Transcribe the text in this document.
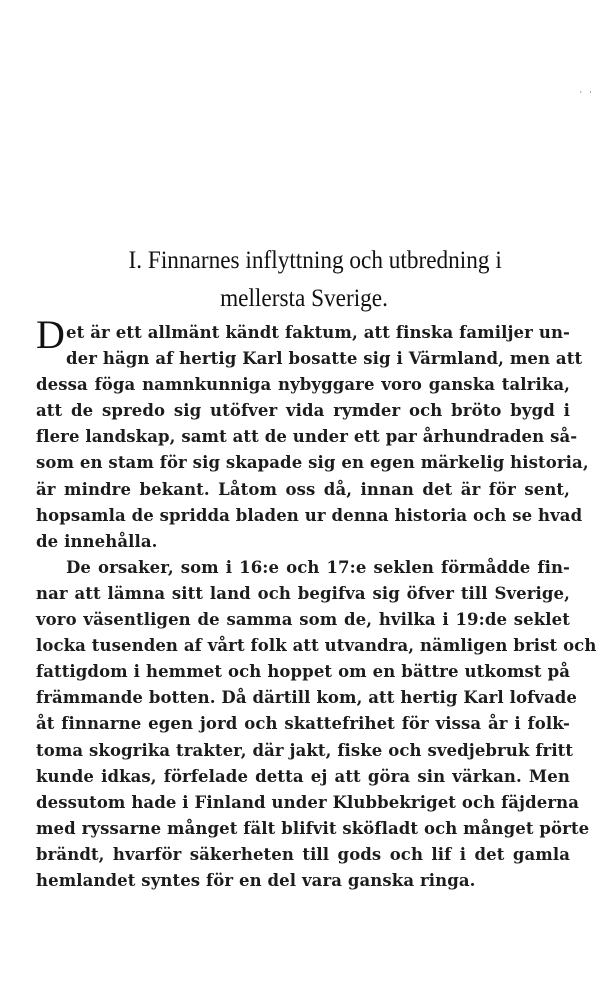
· ·
I. Finnarnes inflyttning och utbredning i
mellersta Sverige.
Det är ett allmänt kändt faktum, att finska familjer un-
der hägn af hertig Karl bosatte sig i Värmland, men att
dessa föga namnkunniga nybyggare voro ganska talrika,
att de spredo sig utöfver vida rymder och bröto bygd i
flere landskap, samt att de under ett par århundraden så-
som en stam för sig skapade sig en egen märkelig historia,
är mindre bekant. Låtom oss då, innan det är för sent,
hopsamla de spridda bladen ur denna historia och se hvad
de innehålla.
De orsaker, som i 16:e och 17:e seklen förmådde fin-
nar att lämna sitt land och begifva sig öfver till Sverige,
voro väsentligen de samma som de, hvilka i 19:de seklet
locka tusenden af vårt folk att utvandra, nämligen brist och
fattigdom i hemmet och hoppet om en bättre utkomst på
främmande botten. Då därtill kom, att hertig Karl lofvade
åt finnarne egen jord och skattefrihet för vissa år i folk-
toma skogrika trakter, där jakt, fiske och svedjebruk fritt
kunde idkas, förfelade detta ej att göra sin värkan. Men
dessutom hade i Finland under Klubbekriget och fäjderna
med ryssarne månget fält blifvit sköfladt och månget pörte
brändt, hvarför säkerheten till gods och lif i det gamla
hemlandet syntes för en del vara ganska ringa.
